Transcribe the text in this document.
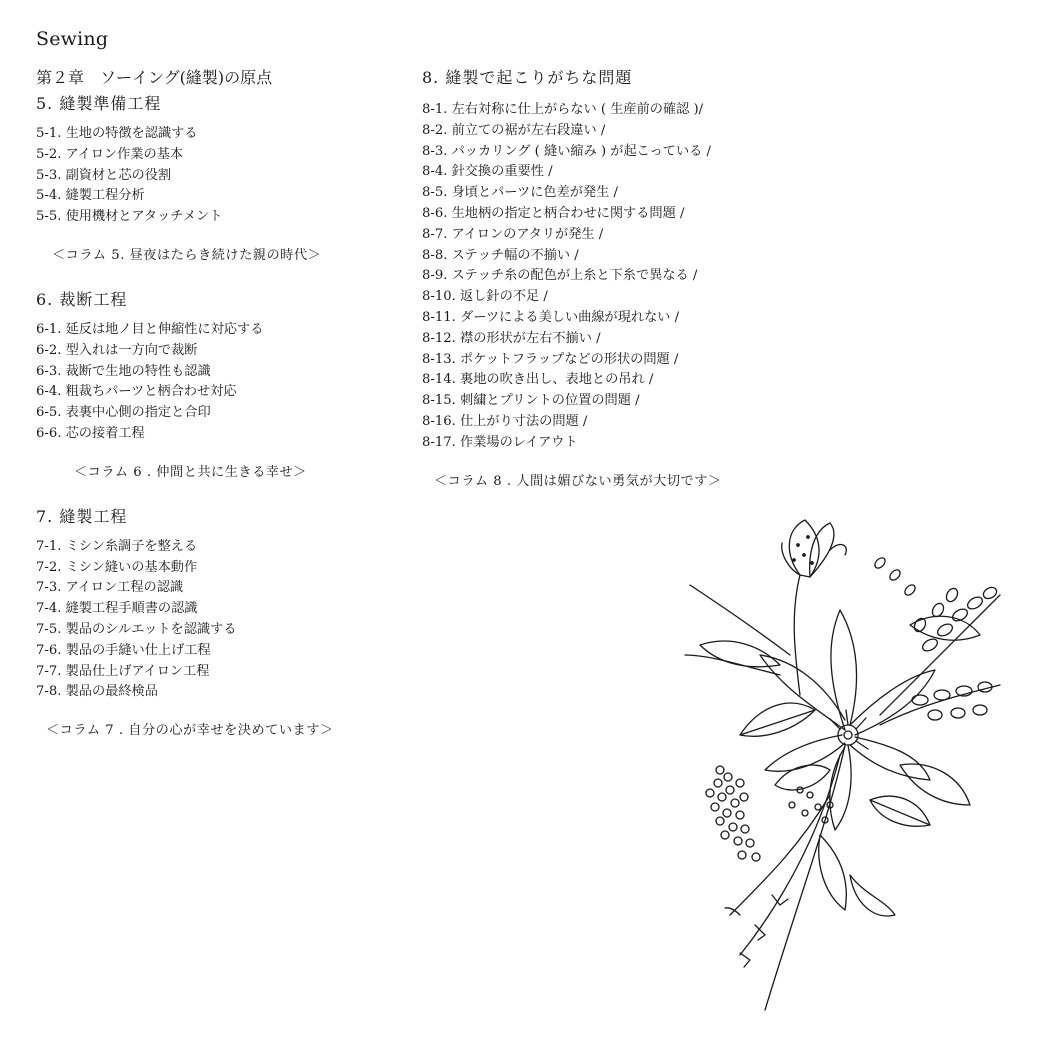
Sewing
第２章　ソーイング(縫製)の原点
5. 縫製準備工程
5-1. 生地の特徴を認識する
5-2. アイロン作業の基本
5-3. 副資材と芯の役割
5-4. 縫製工程分析
5-5. 使用機材とアタッチメント
＜コラム 5. 昼夜はたらき続けた親の時代＞
6. 裁断工程
6-1. 延反は地ノ目と伸縮性に対応する
6-2. 型入れは一方向で裁断
6-3. 裁断で生地の特性も認識
6-4. 粗裁ちパーツと柄合わせ対応
6-5. 表裏中心側の指定と合印
6-6. 芯の接着工程
＜コラム 6 . 仲間と共に生きる幸せ＞
7. 縫製工程
7-1. ミシン糸調子を整える
7-2. ミシン縫いの基本動作
7-3. アイロン工程の認識
7-4. 縫製工程手順書の認識
7-5. 製品のシルエットを認識する
7-6. 製品の手縫い仕上げ工程
7-7. 製品仕上げアイロン工程
7-8. 製品の最終検品
＜コラム 7 . 自分の心が幸せを決めています＞
8. 縫製で起こりがちな問題
8-1. 左右対称に仕上がらない ( 生産前の確認 )/
8-2. 前立ての裾が左右段違い /
8-3. パッカリング ( 縫い縮み ) が起こっている /
8-4. 針交換の重要性 /
8-5. 身頃とパーツに色差が発生 /
8-6. 生地柄の指定と柄合わせに関する問題 /
8-7. アイロンのアタリが発生 /
8-8. ステッチ幅の不揃い /
8-9. ステッチ糸の配色が上糸と下糸で異なる /
8-10. 返し針の不足 /
8-11. ダーツによる美しい曲線が現れない /
8-12. 襟の形状が左右不揃い /
8-13. ポケットフラップなどの形状の問題 /
8-14. 裏地の吹き出し、表地との吊れ /
8-15. 刺繍とプリントの位置の問題 /
8-16. 仕上がり寸法の問題 /
8-17. 作業場のレイアウト
＜コラム 8 . 人間は媚びない勇気が大切です＞
